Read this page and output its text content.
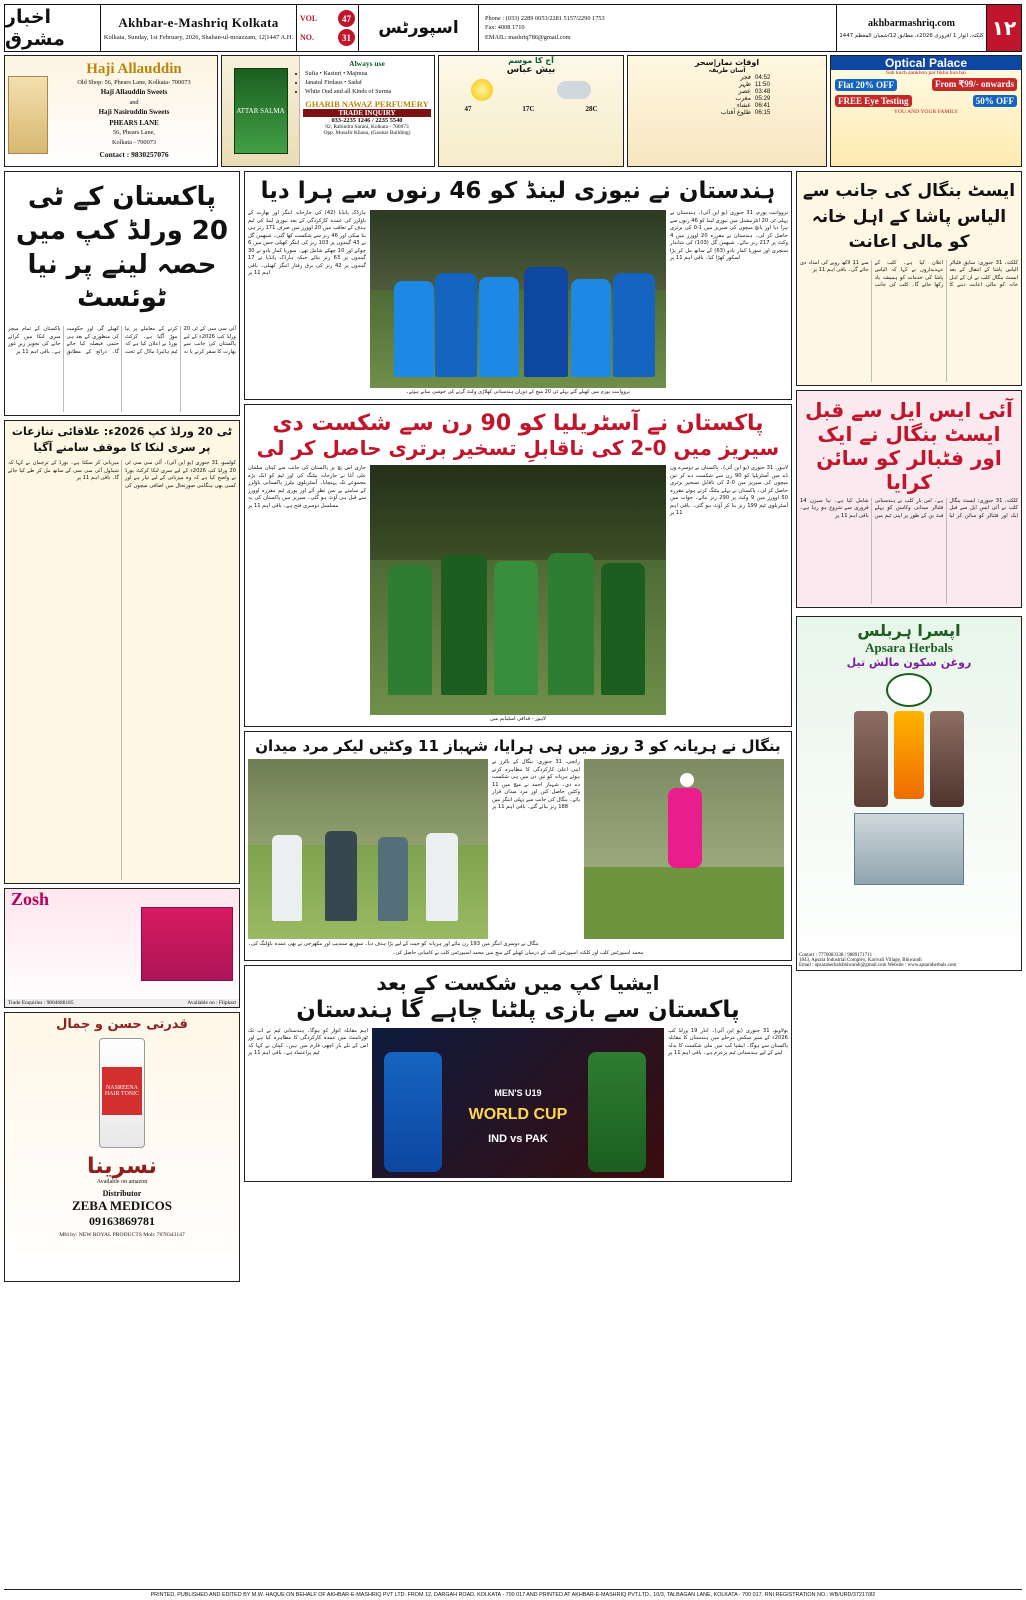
اخبار مشرق
Akhbar-e-Mashriq Kolkata
Kolkata, Sunday, 1st February, 2026, Shaban-ul-moazzam, 12|1447 A.H.
VOL	47
NO.	31	اسپورٹس	Phone : (033) 2289 0053/2281 5157/2290 1753
Fax: 4008 1710
EMAIL: mashriq786@gmail.com
akhbarmashriq.com
کلکتہ، اتوار 1 /فروری 2026ء، مطابق 12/شعبان المعظم 1447 ۱۲
Haji Allauddin
Old Shop: 56, Phears Lane, Kolkata- 700073
Haji Allauddin Sweets
and
Haji Nasiruddin Sweets
PHEARS LANE
56, Phears Lane,
Kolkata - 700073
Contact : 9830257076
ATTAR SALMA
Always use
• Sufia • Kasturi • Majmua
• Janatul Firdaus • Sadaf
• White Oud and all Kinds of Surma
GHARIB NAWAZ PERFUMERY
TRADE INQUIRY
033-2235 1246 / 2235 5540
92, Rabindra Sarani, Kolkata - 700073
Opp. Musafir Khana, (Gauhar Building)
آج کا موسم
بیش عباس
47	17C	28C
اوقات نماز|سحر
آسان طریقہ
فجر	04:52
ظہر	11:50
عصر	03:48
مغرب	05:29
عشاء	06:41
طلوع آفتاب	06:15
Optical Palace
Sab kuch aankhon par likha hua hai
Flat 20% OFF	From ₹99/- onwards
FREE Eye Testing	50% OFF
YOU AND YOUR FAMILY
پاکستان کے ٹی 20 ورلڈ کپ میں حصہ لینے پر نیا ٹوئسٹ
آئی سی سی کے ٹی 20 ورلڈ کپ 2026ء کے لیے پاکستان کی جانب سے بھارت کا سفر کرنے یا نہ کرنے کے معاملے پر نیا موڑ آگیا ہے۔ کرکٹ بورڈ نے اعلان کیا ہے کہ ٹیم ہائبرڈ ماڈل کے تحت کھیلے گی اور حکومت کی منظوری کے بعد ہی حتمی فیصلہ کیا جائے گا۔ ذرائع کے مطابق پاکستان کے تمام میچز سری لنکا میں کرائے جانے کی تجویز زیرِ غور ہے۔ باقی اہم 11 پر
ٹی 20 ورلڈ کپ 2026ء: علاقائی تنازعات پر سری لنکا کا موقف سامنے آگیا
کولمبو، 31 جنوری (یو این آئی)۔ آئی سی سی ٹی 20 ورلڈ کپ 2026ء کے لیے سری لنکا کرکٹ بورڈ نے واضح کیا ہے کہ وہ میزبانی کے لیے تیار ہے اور کسی بھی ہنگامی صورتحال میں اضافی میچوں کی میزبانی کر سکتا ہے۔ بورڈ کے ترجمان نے کہا کہ شیڈول آئی سی سی کے ساتھ مل کر طے کیا جائے گا۔ باقی اہم 11 پر
Zosh
Trade Enquiries : 9804688185	Available on : Flipkart
قدرتی حسن و جمال
NASREENA HAIR TONIC
نسرینا
Available on amazon
Distributor
ZEBA MEDICOS
09163869781
Mfd by: NEW ROYAL PRODUCTS Mob: 7678343147
ہندستان نے نیوزی لینڈ کو 46 رنوں سے ہرا دیا
ہارڈک پانڈیا (42) کی جارحانہ اننگز اور بھارت کے باؤلرز کی عمدہ کارکردگی کے بعد نیوزی لینڈ کی ٹیم ہدف کے تعاقب میں 20 اوورز میں صرف 171 رنز ہی بنا سکی اور 46 رنز سے شکست کھا گئی۔ شبھمن گل نے 43 گیندوں پر 103 رنز کی اننگز کھیلی جس میں 6 چوکے اور 10 چھکے شامل تھے۔ سوریا کمار یادو نے 30 گیندوں پر 63 رنز بنائے جبکہ ہارڈک پانڈیا نے 17 گیندوں پر 42 رنز کی برق رفتار اننگز کھیلی۔ باقی اہم 11 پر
تروواننت پورم، 31 جنوری (یو این آئی)۔ ہندستان نے پہلی ٹی 20 انٹرنیشنل میں نیوزی لینڈ کو 46 رنوں سے ہرا دیا اور پانچ میچوں کی سیریز میں 1-0 کی برتری حاصل کر لی۔ ہندستان نے مقررہ 20 اوورز میں 4 وکٹ پر 217 رنز بنائے۔ شبھمن گل (103) کی شاندار سنچری اور سوریا کمار یادو (63) کے ساتھ مل کر بڑا اسکور کھڑا کیا۔ باقی اہم 11 پر
تروواننت پورم میں کھیلے گئے پہلے ٹی 20 میچ کے دوران ہندستانی کھلاڑی وکٹ گرنے کی خوشی مناتے ہوئے۔
پاکستان نے آسٹریلیا کو 90 رن سے شکست دی
سیریز میں 0-2 کی ناقابلِ تسخیر برتری حاصل کر لی
جاری اس پچ پر پاکستان کی جانب سے کپتان سلمان علی آغا نے جارحانہ بیٹنگ کی اور ٹیم کو ایک بڑے مجموعے تک پہنچایا۔ آسٹریلوی بیٹرز پاکستانی باؤلرز کے سامنے بے بس نظر آئے اور پوری ٹیم مقررہ اوورز سے قبل ہی آؤٹ ہو گئی۔ سیریز میں پاکستان کی یہ مسلسل دوسری فتح ہے۔ باقی اہم 11 پر
لاہور، 31 جنوری (یو این آئی)۔ پاکستان نے دوسرے ون ڈے میں آسٹریلیا کو 90 رن سے شکست دے کر تین میچوں کی سیریز میں 0-2 کی ناقابلِ تسخیر برتری حاصل کر لی۔ پاکستان نے پہلے بیٹنگ کرتے ہوئے مقررہ 50 اوورز میں 9 وکٹ پر 290 رنز بنائے۔ جواب میں آسٹریلوی ٹیم 199 رنز بنا کر آؤٹ ہو گئی۔ باقی اہم 11 پر
لاہور - قذافی اسٹیڈیم میں
بنگال نے ہریانہ کو 3 روز میں ہی ہرایا، شہباز 11 وکٹیں لیکر مرد میدان
رانچی، 31 جنوری: بنگال کے بالرز نے اپنی اعلیٰ کارکردگی کا مظاہرہ کرتے ہوئے ہریانہ کو تین دن میں ہی شکست دے دی۔ شہباز احمد نے میچ میں 11 وکٹیں حاصل کیں اور مرد میدان قرار پائے۔ بنگال کی جانب سے پہلی اننگز میں 188 رنز بنائے گئے۔ باقی اہم 11 پر
بنگال نے دوسری اننگز میں 193 رن بنائے اور ہریانہ کو جیت کے لیے بڑا ہدف دیا۔ سوربھ سندیپ اور مکھرجی نے بھی عمدہ باؤلنگ کی۔
محمد اسپورٹس کلب اور کلکتہ اسپورٹس کلب کے درمیان کھیلے گئے میچ میں محمد اسپورٹس کلب نے کامیابی حاصل کی۔
ایشیا کپ میں شکست کے بعد
پاکستان سے بازی پلٹنا چاہے گا ہندستان
اہم مقابلہ اتوار کو ہوگا۔ ہندستانی ٹیم نے اب تک ٹورنامنٹ میں عمدہ کارکردگی کا مظاہرہ کیا ہے اور اس کے بلے باز اچھی فارم میں ہیں۔ کپتان نے کہا کہ ٹیم پراعتماد ہے۔ باقی اہم 11 پر
MEN'S U19
WORLD CUP
IND vs PAK
بولاویو، 31 جنوری (یو این آئی)۔ انڈر 19 ورلڈ کپ 2026ء کے سپر سکس مرحلے میں ہندستان کا مقابلہ پاکستان سے ہوگا۔ ایشیا کپ میں ملی شکست کا بدلہ لینے کے لیے ہندستانی ٹیم پرعزم ہے۔ باقی اہم 11 پر
ایسٹ بنگال کی جانب سے الیاس پاشا کے اہل خانہ کو مالی اعانت
کلکتہ، 31 جنوری: سابق فٹبالر الیاس پاشا کے انتقال کے بعد ایسٹ بنگال کلب نے ان کے اہل خانہ کو مالی اعانت دینے کا اعلان کیا ہے۔ کلب کے عہدیداروں نے کہا کہ الیاس پاشا کی خدمات کو ہمیشہ یاد رکھا جائے گا۔ کلب کی جانب سے 11 لاکھ روپے کی امداد دی جائے گی۔ باقی اہم 11 پر
آئی ایس ایل سے قبل ایسٹ بنگال نے ایک اور فٹبالر کو سائن کرایا
کلکتہ، 31 جنوری: ایسٹ بنگال کلب نے آئی ایس ایل سے قبل ایک اور فٹبالر کو سائن کر لیا ہے۔ اس بار کلب نے ہندستانی فٹبالر میدانی وکاسن کو پہلے فٹ بن کے طور پر اپنی ٹیم میں شامل کیا ہے۔ نیا سیزن 14 فروری سے شروع ہو رہا ہے۔ باقی اہم 11 پر
اپسرا ہربلس
Apsara Herbals
روغن سکون مالش تیل
Contact : 7770083338 / 9889171711
1843, Apsara Industrial Complex, Karivali Village, Bhiwandi
Email : apsaraherbalsbhiwandi@gmail.com Website : www.apsaraherbals.com
PRINTED, PUBLISHED AND EDITED BY M.W. HAQUE ON BEHALF OF AKHBAR-E-MASHRIQ PVT LTD. FROM 12, DARGAH ROAD, KOLKATA - 700 017 AND PRINTED AT AKHBAR-E-MASHRIQ PVT.LTD., 10/3, TALBAGAN LANE, KOLKATA - 700 017. RNI REGISTRATION NO.: WB/URD/37217/82
